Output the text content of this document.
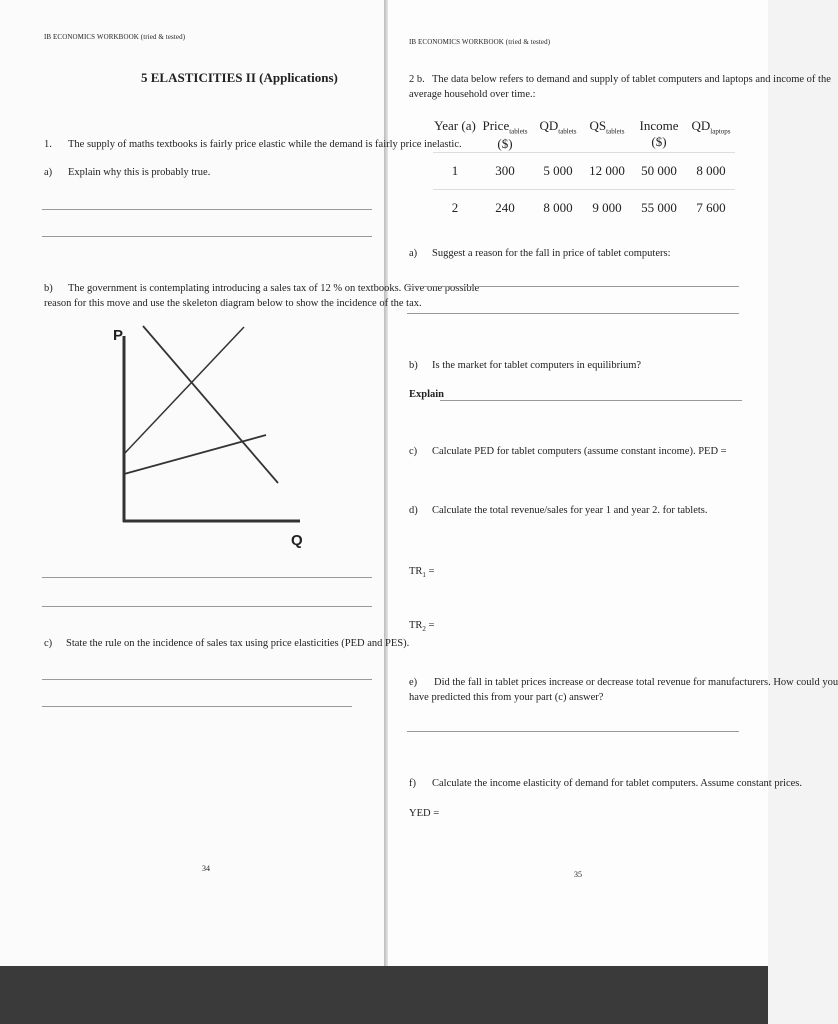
IB ECONOMICS WORKBOOK (tried & tested)
5 ELASTICITIES II (Applications)
1. The supply of maths textbooks is fairly price elastic while the demand is fairly price inelastic.
a) Explain why this is probably true.
b) The government is contemplating introducing a sales tax of 12 % on textbooks. Give one possible
reason for this move and use the skeleton diagram below to show the incidence of the tax.
P
Q
c) State the rule on the incidence of sales tax using price elasticities (PED and PES).
34
IB ECONOMICS WORKBOOK (tried & tested)
2 b. The data below refers to demand and supply of tablet computers and laptops and income of the
average household over time.:
Year (a)	Price$_{tablets}$ ($)	$QD_{tablets}$	$QS_{tablets}$	Income ($)	$QD_{laptops}$
1	300	5 000	12 000	50 000	8 000
2	240	8 000	9 000	55 000	7 600
a) Suggest a reason for the fall in price of tablet computers:
b) Is the market for tablet computers in equilibrium?
Explain
c) Calculate PED for tablet computers (assume constant income). PED =
d) Calculate the total revenue/sales for year 1 and year 2. for tablets.
$TR_1$ =
$TR_2$ =
e) Did the fall in tablet prices increase or decrease total revenue for manufacturers. How could you
have predicted this from your part (c) answer?
f) Calculate the income elasticity of demand for tablet computers. Assume constant prices.
YED =
35
